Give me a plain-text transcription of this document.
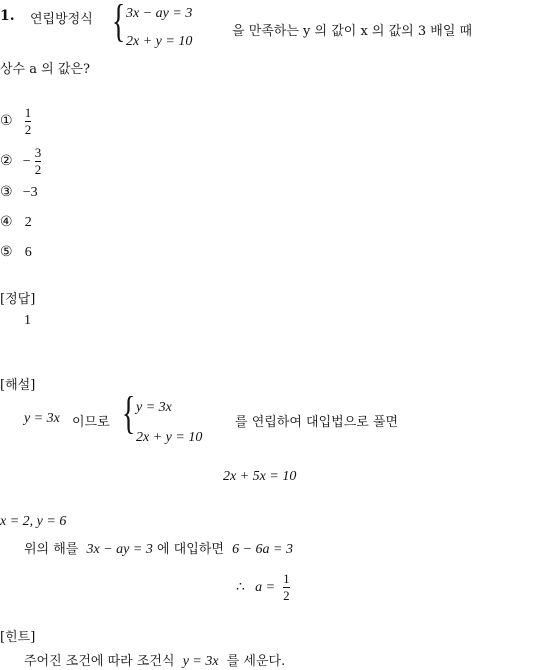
1. 연립방정식 { 3x − ay = 3
2x + y = 10
을 만족하는 y 의 값이 x 의 값의 3 배일 때
상수 a 의 값은?
① $\frac{1}{2}$
② − $\frac{3}{2}$
③ −3
④ 2
⑤ 6
[정답]
1
[해설]
y = 3x 이므로 { y = 3x
2x + y = 10
를 연립하여 대입법으로 풀면
2x + 5x = 10
x = 2, y = 6
위의 해를 3x − ay = 3 에 대입하면 6 − 6a = 3
∴ $a = \frac{1}{2}$
[힌트]
주어진 조건에 따라 조건식 y = 3x 를 세운다.
